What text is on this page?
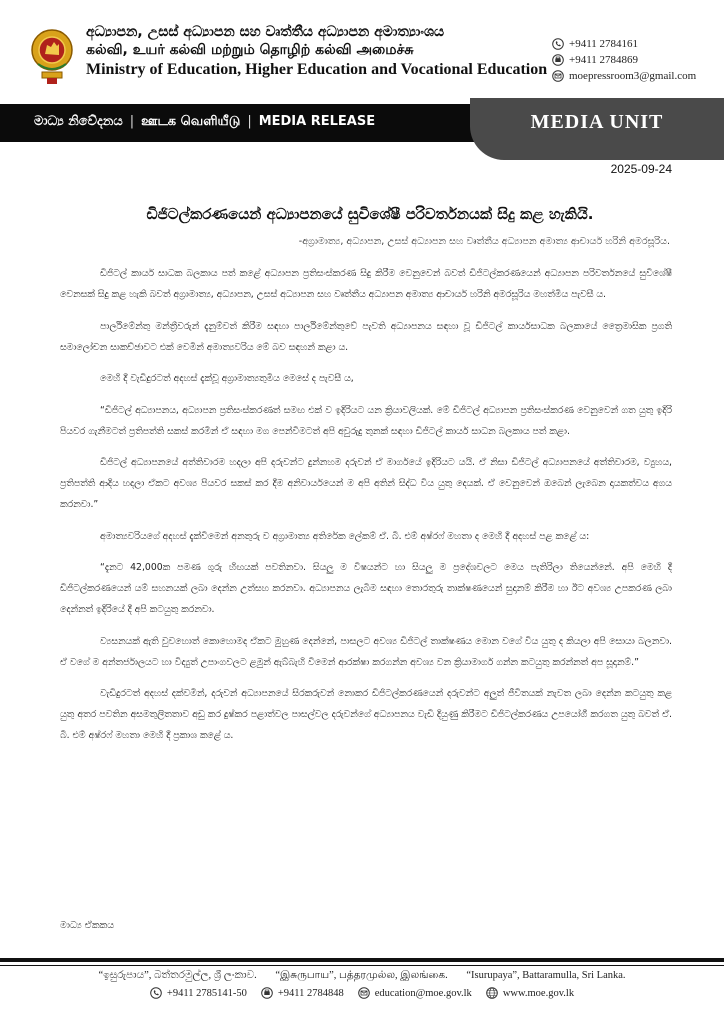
අධ්‍යාපන, උසස් අධ්‍යාපන සහ වෘත්තීය අධ්‍යාපන අමාත්‍යාංශය
கல்வி, உயர் கல்வி மற்றும் தொழிற் கல்வி அமைச்சு
Ministry of Education, Higher Education and Vocational Education
+9411 2784161
+9411 2784869
moepressroom3@gmail.com
මාධ්‍ය නිවේදනය | ஊடக வெளியீடு | MEDIA RELEASE	MEDIA UNIT
2025-09-24
ඩිජිටල්කරණයෙන් අධ්‍යාපනයේ සුවිශේෂී පරිවර්තනයක් සිදු කළ හැකියි.
-අග්‍රාමාත්‍ය, අධ්‍යාපන, උසස් අධ්‍යාපන සහ වෘත්තීය අධ්‍යාපන අමාත්‍ය ආචාර්ය හරිනි අමරසූරිය.

ඩිජිටල් කාර්ය සාධක බලකාය පත් කළේ අධ්‍යාපන ප්‍රතිසංස්කරණ සිදු කිරීම වෙනුවෙන් බවත් ඩිජිටල්කරණයෙන් අධ්‍යාපන පරිවර්තනයේ සුවිශේෂී වෙනසක් සිදු කළ හැකි බවත් අග්‍රාමාත්‍ය, අධ්‍යාපන, උසස් අධ්‍යාපන සහ වෘත්තීය අධ්‍යාපන අමාත්‍ය ආචාර්ය හරිනි අමරසූරිය මහත්මිය පැවසී ය.

පාර්ලිමේන්තු මන්ත්‍රීවරුන් දැනුම්වත් කිරීම සඳහා පාර්ලිමේන්තුවේ පැවති අධ්‍යාපනය සඳහා වූ ඩිජිටල් කාර්යසාධක බලකායේ ත්‍රෛමාසික ප්‍රගති සමාලෝචන සාකච්ඡාවට එක් වෙමින් අමාත්‍යවරිය මේ බව සඳහන් කළා ය.

මෙහි දී වැඩිදුරටත් අදහස් දැක්වූ අග්‍රාමාත්‍යතුමිය මෙසේ ද පැවසී ය,

“ඩිජිටල් අධ්‍යාපනය, අධ්‍යාපන ප්‍රතිසංස්කරණත් සමඟ එක් ව ඉදිරියට යන ක්‍රියාවලියක්. මේ ඩිජිටල් අධ්‍යාපන ප්‍රතිසංස්කරණ වෙනුවෙන් ගත යුතු ඉදිරි පියවර ගැනීමටත් ප්‍රතිපත්ති සකස් කරමින් ඒ සඳහා මග පෙන්වීමටත් අපි අවුරුදු තුනක් සඳහා ඩිජිටල් කාර්ය සාධන බලකාය පත් කළා.

ඩිජිටල් අධ්‍යාපනයේ අත්තිවාරම හදලා අපි දරුවන්ට දුන්නහම දරුවන් ඒ මාර්ගයේ ඉදිරියට යයි. ඒ නිසා ඩිජිටල් අධ්‍යාපනයේ අත්තිවාරම, ව්‍යුහය, ප්‍රතිපත්ති ආදිය හදලා ඒකට අවශ්‍ය පියවර සකස් කර දීම අනිවාර්යයෙන් ම අපි අතින් සිද්ධ විය යුතු දෙයක්. ඒ වෙනුවෙන් ඔබෙන් ලැබෙන දායකත්වය අගය කරනවා.”

අමාත්‍යවරියගේ අදහස් දැක්වීමෙන් අනතුරු ව අග්‍රාමාත්‍ය අතිරේක ලේකම් ඒ. බී. එම් අෂ්රෆ් මහතා ද මෙහි දී අදහස් පළ කළේ ය:

“දැනට 42,000ක පමණ ගුරු හිඟයක් පවතිනවා. සියලු ම විෂයන්ට හා සියලු ම ප්‍රදේශවලට මෙය පැතිරිලා තියෙන්නේ. අපි මෙහි දී ඩිජිටල්කරණයෙන් යම් සහනයක් ලබා දෙන්න උත්සහ කරනවා. අධ්‍යාපනය ලැබීම සඳහා තොරතුරු තාක්ෂණයෙන් සුදානම් කිරීම හා ඊට අවශ්‍ය උපකරණ ලබා දෙන්නත් ඉදිරියේ දී අපි කටයුතු කරනවා.

ව්‍යසනයක් ඇති වුවහොත් කොහොමද ඒකට මුහුණ දෙන්නේ, පාසලට අවශ්‍ය ඩිජිටල් තාක්ෂණය මොන වගේ විය යුතු ද කියලා අපි සොයා බලනවා. ඒ වගේ ම අන්තර්ජාලයට හා විද්‍යුත් උපාංගවලට ළමුන් ඇබ්බැහි වීමෙන් ආරක්ෂා කරගන්න අවශ්‍ය වන ක්‍රියාමාර්ග ගන්න කටයුතු කරන්නත් අප සූදානම්.”

වැඩිදුරටත් අදහස් දක්වමින්, දරුවන් අධ්‍යාපනයේ සිරකරුවන් නොකර ඩිජිටල්කරණයෙන් දරුවන්ට අලුත් ජීවිතයක් නැවත ලබා දෙන්න කටයුතු කළ යුතු අතර පවතින අසමතුලිතතාව අඩු කර දුෂ්කර පළාත්වල පාසල්වල දරුවන්ගේ අධ්‍යාපනය වැඩි දියුණු කිරීමට ඩිජිටල්කරණය උපයෝගී කරගත යුතු බවත් ඒ. බී. එම් අෂ්රෆ් මහතා මෙහි දී ප්‍රකාශ කළේ ය.

මාධ්‍ය ඒකකය
“ඉසුරුපාය”, බත්තරමුල්ල, ශ්‍රී ලංකාව. “இசுருபாய”, பத்தரமுல்ல, இலங்கை. “Isurupaya”, Battaramulla, Sri Lanka.
+9411 2785141-50	+9411 2784848	education@moe.gov.lk	www.moe.gov.lk
